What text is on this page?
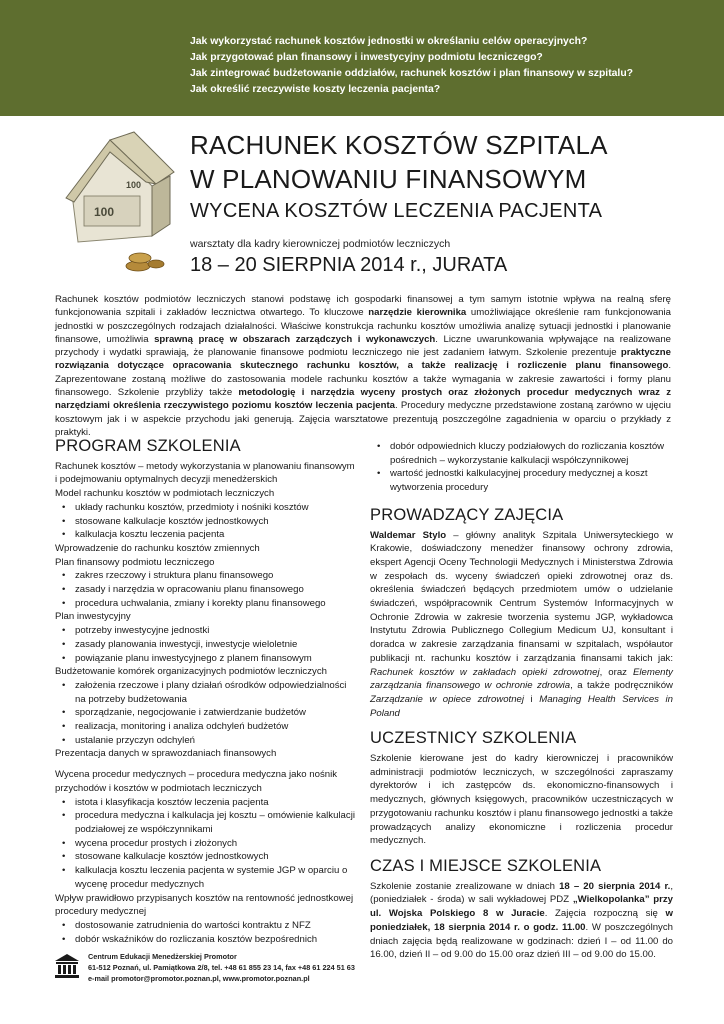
Jak wykorzystać rachunek kosztów jednostki w określaniu celów operacyjnych?
Jak przygotować plan finansowy i inwestycyjny podmiotu leczniczego?
Jak zintegrować budżetowanie oddziałów, rachunek kosztów i plan finansowy w szpitalu?
Jak określić rzeczywiste koszty leczenia pacjenta?
100
100
RACHUNEK KOSZTÓW SZPITALA
W PLANOWANIU FINANSOWYM
WYCENA KOSZTÓW LECZENIA PACJENTA
warsztaty dla kadry kierowniczej podmiotów leczniczych
18 – 20 SIERPNIA 2014 r., JURATA
Rachunek kosztów podmiotów leczniczych stanowi podstawę ich gospodarki finansowej a tym samym istotnie wpływa na realną sferę funkcjonowania szpitali i zakładów lecznictwa otwartego. To kluczowe narzędzie kierownika umożliwiające określenie ram funkcjonowania jednostki w poszczególnych rodzajach działalności. Właściwe konstrukcja rachunku kosztów umożliwia analizę sytuacji jednostki i planowanie finansowe, umożliwia sprawną pracę w obszarach zarządczych i wykonawczych. Liczne uwarunkowania wpływające na realizowane przychody i wydatki sprawiają, że planowanie finansowe podmiotu leczniczego nie jest zadaniem łatwym. Szkolenie prezentuje praktyczne rozwiązania dotyczące opracowania skutecznego rachunku kosztów, a także realizację i rozliczenie planu finansowego. Zaprezentowane zostaną możliwe do zastosowania modele rachunku kosztów a także wymagania w zakresie zawartości i formy planu finansowego. Szkolenie przybliży także metodologię i narzędzia wyceny prostych oraz złożonych procedur medycznych wraz z narzędziami określenia rzeczywistego poziomu kosztów leczenia pacjenta. Procedury medyczne przedstawione zostaną zarówno w ujęciu kosztowym jak i w aspekcie przychodu jaki generują. Zajęcia warsztatowe prezentują poszczególne zagadnienia w oparciu o przykłady z praktyki.
PROGRAM SZKOLENIA

Rachunek kosztów – metody wykorzystania w planowaniu finansowym i podejmowaniu optymalnych decyzji menedżerskich

Model rachunku kosztów w podmiotach leczniczych

• układy rachunku kosztów, przedmioty i nośniki kosztów
• stosowane kalkulacje kosztów jednostkowych
• kalkulacja kosztu leczenia pacjenta

Wprowadzenie do rachunku kosztów zmiennych

Plan finansowy podmiotu leczniczego

• zakres rzeczowy i struktura planu finansowego
• zasady i narzędzia w opracowaniu planu finansowego
• procedura uchwalania, zmiany i korekty planu finansowego

Plan inwestycyjny

• potrzeby inwestycyjne jednostki
• zasady planowania inwestycji, inwestycje wieloletnie
• powiązanie planu inwestycyjnego z planem finansowym

Budżetowanie komórek organizacyjnych podmiotów leczniczych

• założenia rzeczowe i plany działań ośrodków odpowiedzialności na potrzeby budżetowania
• sporządzanie, negocjowanie i zatwierdzanie budżetów
• realizacja, monitoring i analiza odchyleń budżetów
• ustalanie przyczyn odchyleń

Prezentacja danych w sprawozdaniach finansowych

Wycena procedur medycznych – procedura medyczna jako nośnik przychodów i kosztów w podmiotach leczniczych

• istota i klasyfikacja kosztów leczenia pacjenta
• procedura medyczna i kalkulacja jej kosztu – omówienie kalkulacji podziałowej ze współczynnikami
• wycena procedur prostych i złożonych
• stosowane kalkulacje kosztów jednostkowych
• kalkulacja kosztu leczenia pacjenta w systemie JGP w oparciu o wycenę procedur medycznych

Wpływ prawidłowo przypisanych kosztów na rentowność jednostkowej procedury medycznej

• dostosowanie zatrudnienia do wartości kontraktu z NFZ
• dobór wskaźników do rozliczania kosztów bezpośrednich
• dobór odpowiednich kluczy podziałowych do rozliczania kosztów pośrednich – wykorzystanie kalkulacji współczynnikowej
• wartość jednostki kalkulacyjnej procedury medycznej a koszt wytworzenia procedury
PROWADZĄCY ZAJĘCIA

Waldemar Stylo – główny analityk Szpitala Uniwersyteckiego w Krakowie, doświadczony menedżer finansowy ochrony zdrowia, ekspert Agencji Oceny Technologii Medycznych i Ministerstwa Zdrowia w zespołach ds. wyceny świadczeń opieki zdrowotnej oraz ds. określenia świadczeń będących przedmiotem umów o udzielanie świadczeń, współpracownik Centrum Systemów Informacyjnych w Ochronie Zdrowia w zakresie tworzenia systemu JGP, wykładowca Instytutu Zdrowia Publicznego Collegium Medicum UJ, konsultant i doradca w zakresie zarządzania finansami w szpitalach, współautor publikacji nt. rachunku kosztów i zarządzania finansami takich jak: Rachunek kosztów w zakładach opieki zdrowotnej, oraz Elementy zarządzania finansowego w ochronie zdrowia, a także podręczników Zarządzanie w opiece zdrowotnej i Managing Health Services in Poland

UCZESTNICY SZKOLENIA

Szkolenie kierowane jest do kadry kierowniczej i pracowników administracji podmiotów leczniczych, w szczególności zapraszamy dyrektorów i ich zastępców ds. ekonomiczno-finansowych i medycznych, głównych księgowych, pracowników uczestniczących w przygotowaniu rachunku kosztów i planu finansowego jednostki a także prowadzących analizy ekonomiczne i rozliczenia procedur medycznych.

CZAS I MIEJSCE SZKOLENIA

Szkolenie zostanie zrealizowane w dniach 18 – 20 sierpnia 2014 r., (poniedziałek - środa) w sali wykładowej PDZ „Wielkopolanka” przy ul. Wojska Polskiego 8 w Juracie. Zajęcia rozpoczną się w poniedziałek, 18 sierpnia 2014 r. o godz. 11.00. W poszczególnych dniach zajęcia będą realizowane w godzinach: dzień I – od 11.00 do 16.00, dzień II – od 9.00 do 15.00 oraz dzień III – od 9.00 do 15.00.

Centrum Edukacji Menedżerskiej Promotor
61-512 Poznań, ul. Pamiątkowa 2/8, tel. +48 61 855 23 14, fax +48 61 224 51 63
e-mail promotor@promotor.poznan.pl, www.promotor.poznan.pl
